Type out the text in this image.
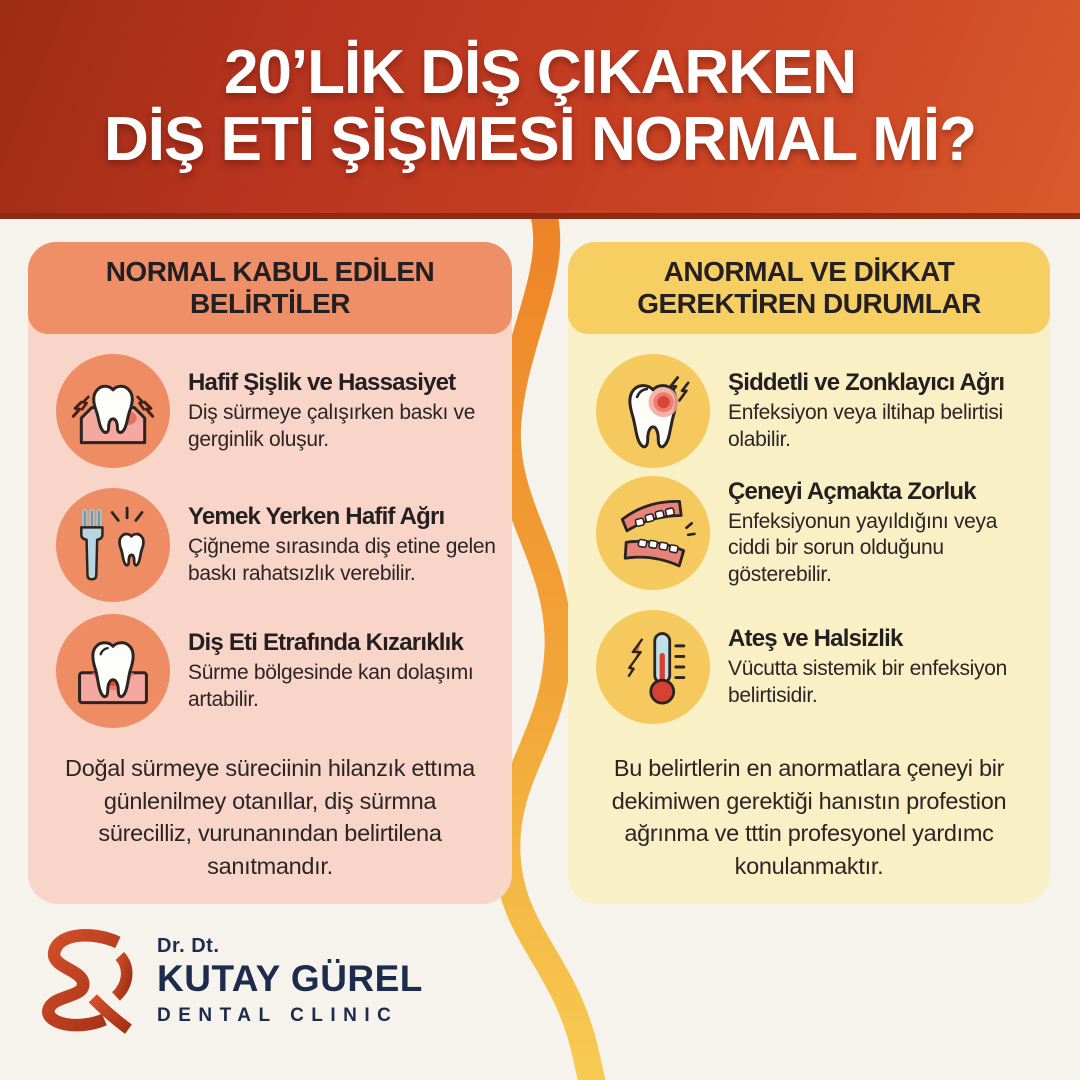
20’LİK DİŞ ÇIKARKEN
DİŞ ETİ ŞİŞMESİ NORMAL Mİ?
NORMAL KABUL EDİLEN
BELİRTİLER
Hafif Şişlik ve Hassasiyet
Diş sürmeye çalışırken baskı ve gerginlik oluşur.
Yemek Yerken Hafif Ağrı
Çiğneme sırasında diş etine gelen baskı rahatsızlık verebilir.
Diş Eti Etrafında Kızarıklık
Sürme bölgesinde kan dolaşımı artabilir.
Doğal sürmeye süreciinin hilanzık ettıma günlenilmey otanıllar, diş sürmna sürecilliz, vurunanından belirtilena sanıtmandır.
ANORMAL VE DİKKAT
GEREKTİREN DURUMLAR
Şiddetli ve Zonklayıcı Ağrı
Enfeksiyon veya iltihap belirtisi olabilir.
Çeneyi Açmakta Zorluk
Enfeksiyonun yayıldığını veya ciddi bir sorun olduğunu gösterebilir.
Ateş ve Halsizlik
Vücutta sistemik bir enfeksiyon belirtisidir.
Bu belirtlerin en anormatlara çeneyi bir dekimiwen gerektiği hanıstın profestion ağrınma ve tttin profesyonel yardımc konulanmaktır.
Dr. Dt.
KUTAY GÜREL
DENTAL CLINIC
